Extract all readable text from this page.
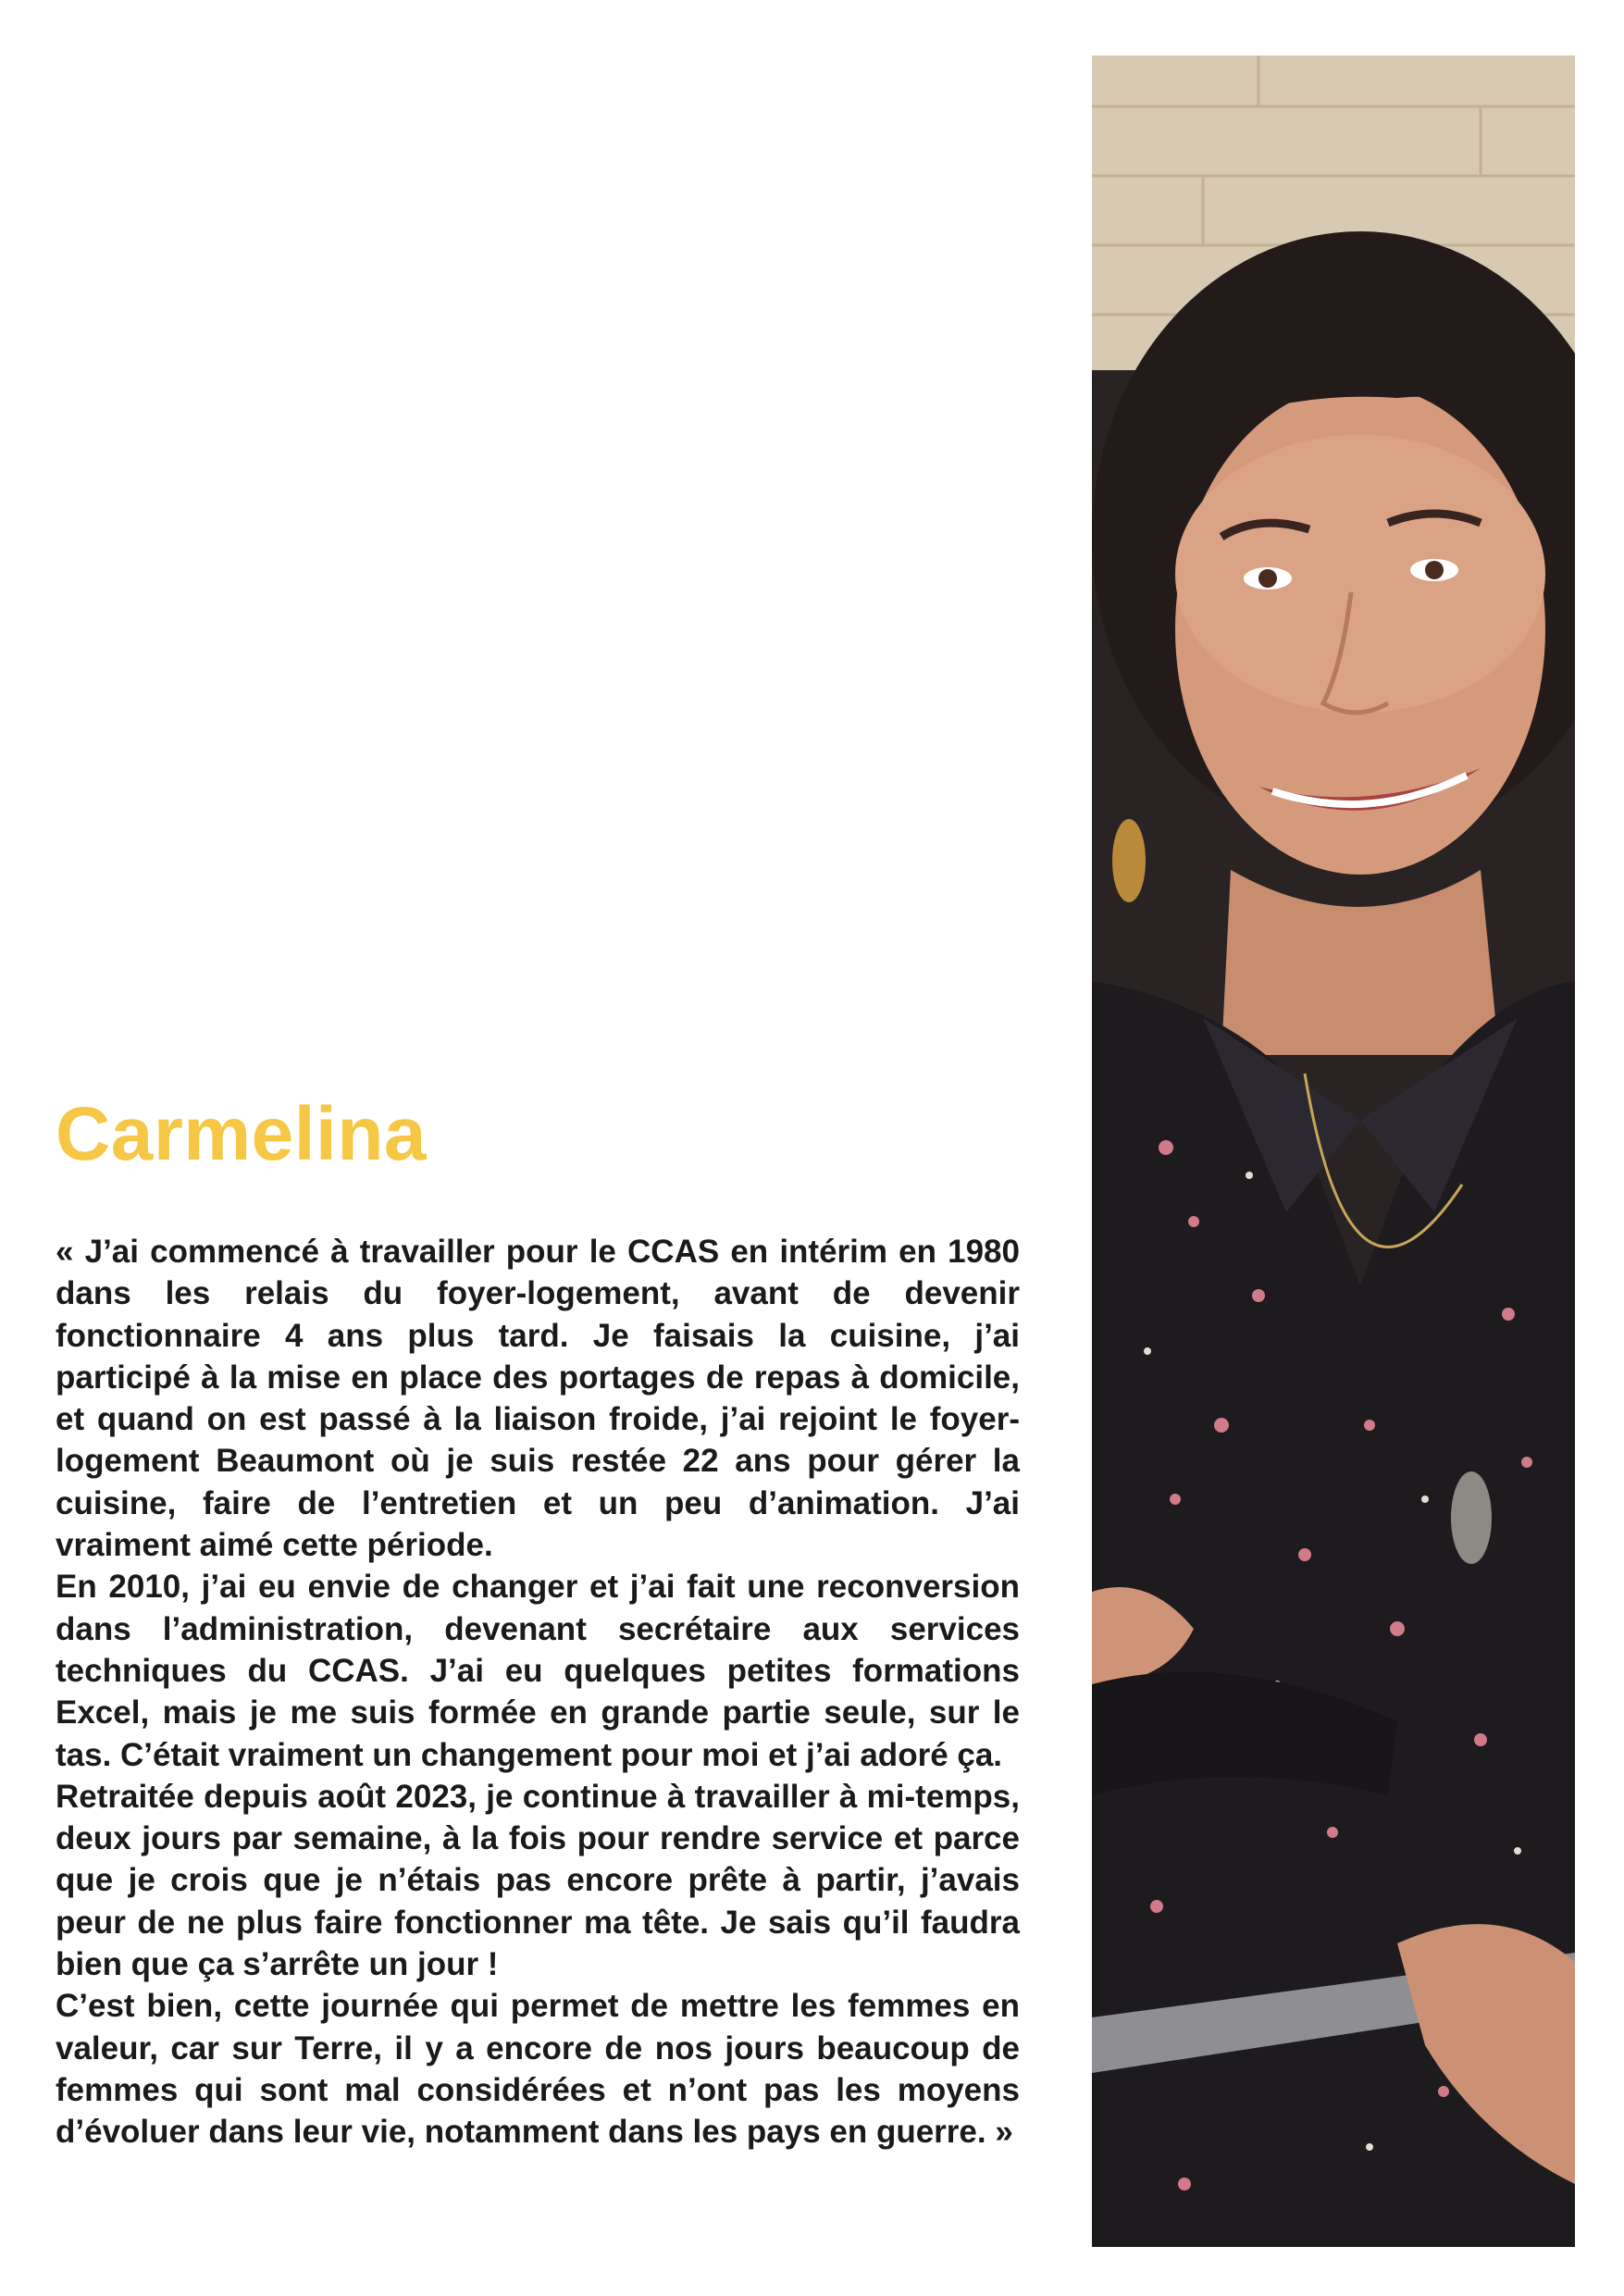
Carmelina

« J’ai commencé à travailler pour le CCAS en intérim en 1980 dans les relais du foyer-logement, avant de devenir fonctionnaire 4 ans plus tard. Je faisais la cuisine, j’ai participé à la mise en place des portages de repas à domicile, et quand on est passé à la liaison froide, j’ai rejoint le foyer-logement Beaumont où je suis restée 22 ans pour gérer la cuisine, faire de l’entretien et un peu d’animation. J’ai vraiment aimé cette période.

En 2010, j’ai eu envie de changer et j’ai fait une reconversion dans l’administration, devenant secrétaire aux services techniques du CCAS. J’ai eu quelques petites formations Excel, mais je me suis formée en grande partie seule, sur le tas. C’était vraiment un changement pour moi et j’ai adoré ça.

Retraitée depuis août 2023, je continue à travailler à mi-temps, deux jours par semaine, à la fois pour rendre service et parce que je crois que je n’étais pas encore prête à partir, j’avais peur de ne plus faire fonctionner ma tête. Je sais qu’il faudra bien que ça s’arrête un jour !

C’est bien, cette journée qui permet de mettre les femmes en valeur, car sur Terre, il y a encore de nos jours beaucoup de femmes qui sont mal considérées et n’ont pas les moyens d’évoluer dans leur vie, notamment dans les pays en guerre. »
